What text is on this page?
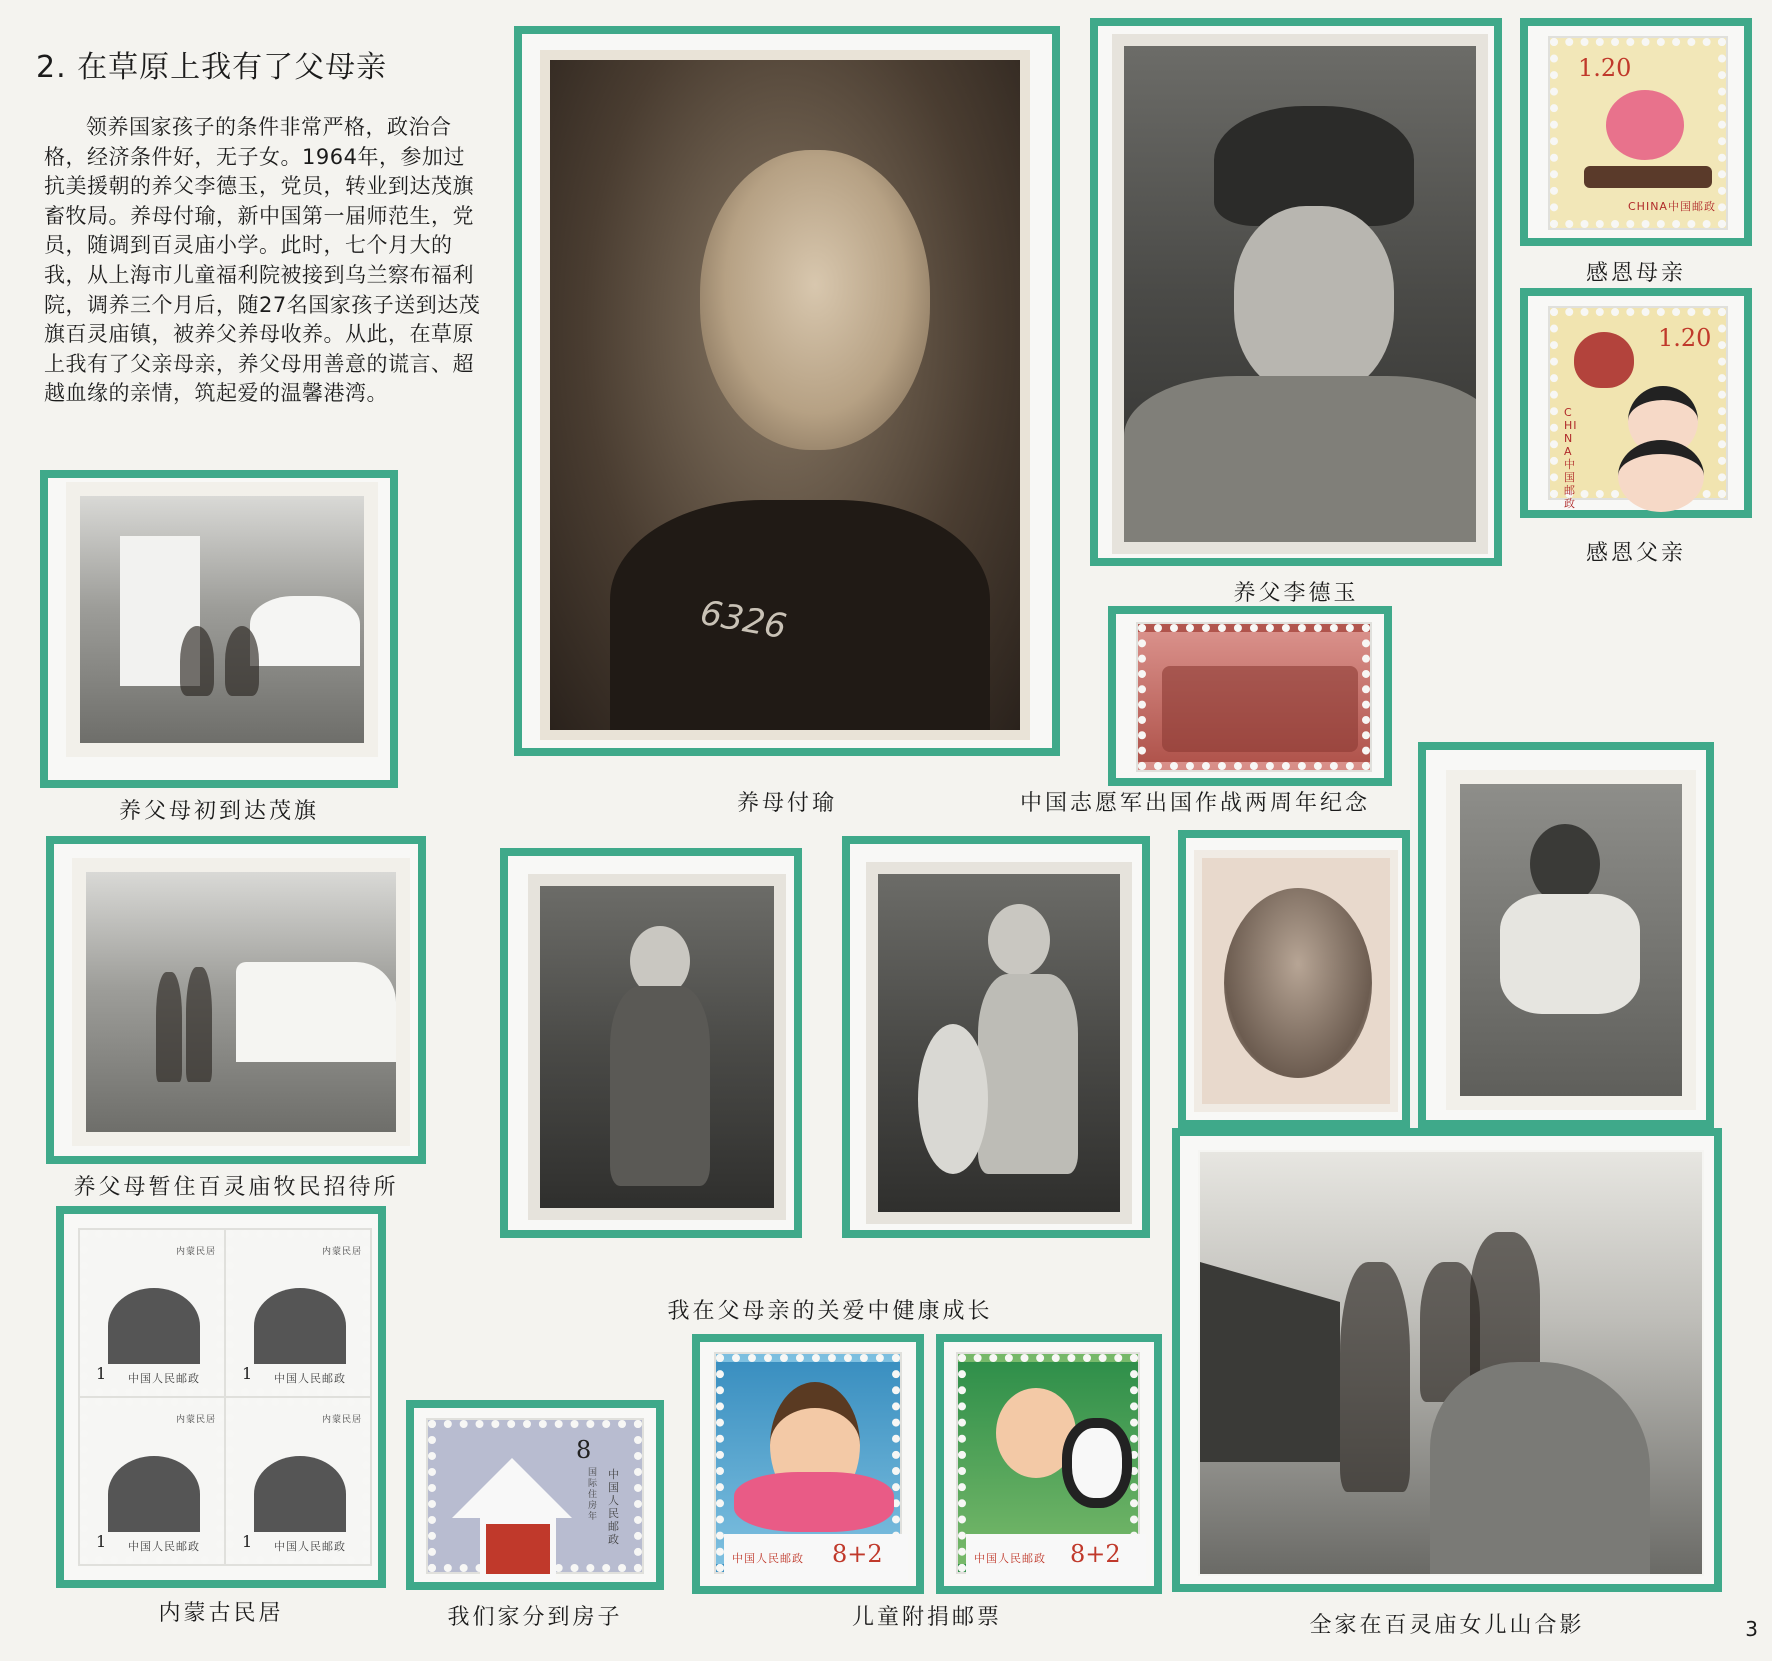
2. 在草原上我有了父母亲
领养国家孩子的条件非常严格，政治合格，经济条件好，无子女。1964年，参加过抗美援朝的养父李德玉，党员，转业到达茂旗畜牧局。养母付瑜，新中国第一届师范生，党员，随调到百灵庙小学。此时，七个月大的我，从上海市儿童福利院被接到乌兰察布福利院，调养三个月后，随27名国家孩子送到达茂旗百灵庙镇，被养父养母收养。从此，在草原上我有了父亲母亲，养父母用善意的谎言、超越血缘的亲情，筑起爱的温馨港湾。
养父母初到达茂旗
6326
养母付瑜
养父李德玉
1.20
CHINA中国邮政
感恩母亲
1.20
CHINA中国邮政
感恩父亲
中国志愿军出国作战两周年纪念
养父母暂住百灵庙牧民招待所
我在父母亲的关爱中健康成长
1 中国人民邮政
内蒙民居
1 中国人民邮政
内蒙民居
1 中国人民邮政
内蒙民居
1 中国人民邮政
内蒙民居
内蒙古民居
8
中国人民邮政
国际住房年
我们家分到房子
8+2
中国人民邮政	8+2
中国人民邮政
儿童附捐邮票	全家在百灵庙女儿山合影	3
